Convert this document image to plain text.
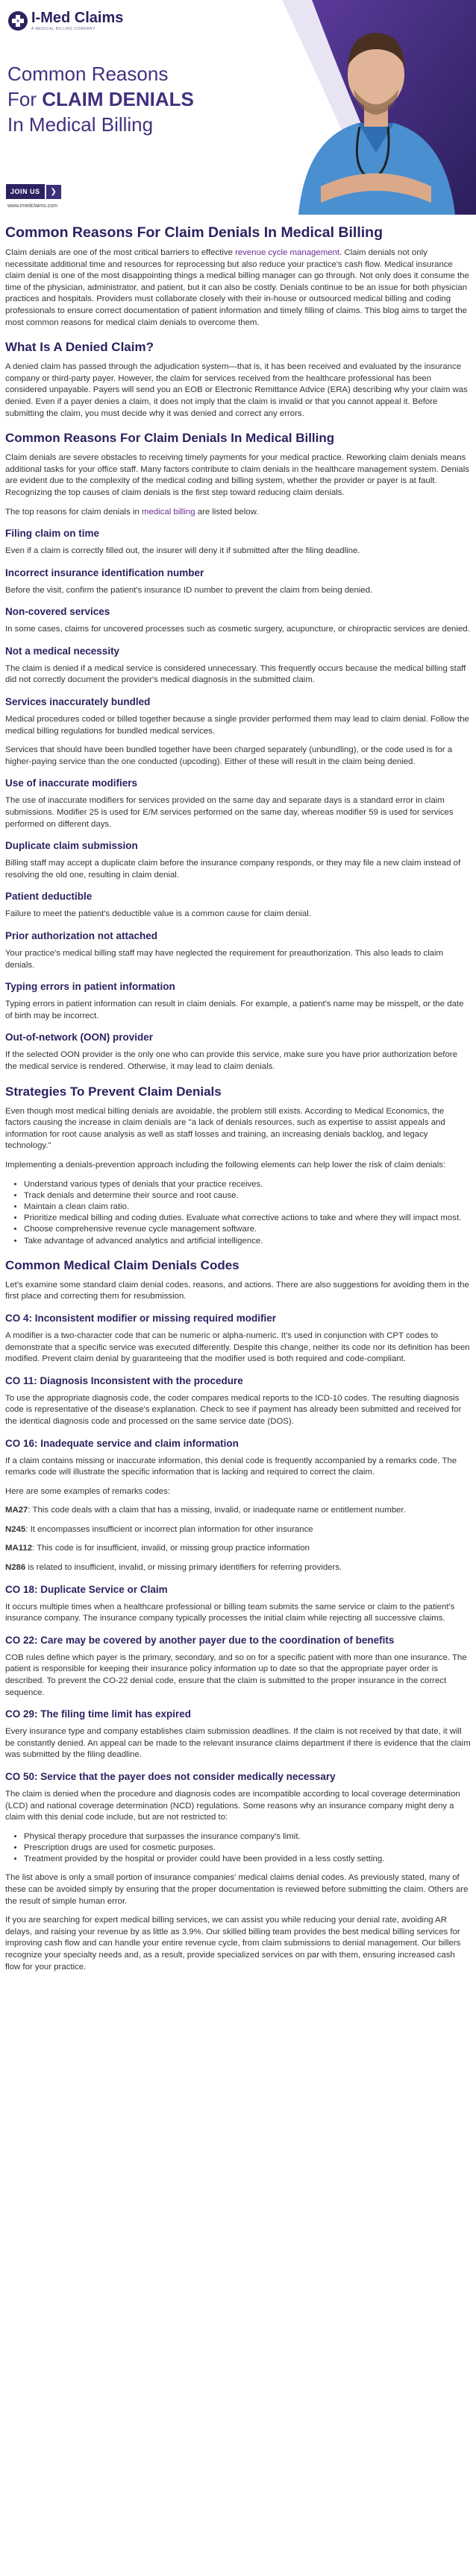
I-Med Claims
A MEDICAL BILLING COMPANY
Common Reasons
For CLAIM DENIALS
In Medical Billing
JOIN US	❯
www.imedclaims.com
Common Reasons For Claim Denials In Medical Billing

Claim denials are one of the most critical barriers to effective revenue cycle management. Claim denials not only necessitate additional time and resources for reprocessing but also reduce your practice's cash flow. Medical insurance claim denial is one of the most disappointing things a medical billing manager can go through. Not only does it consume the time of the physician, administrator, and patient, but it can also be costly. Denials continue to be an issue for both physician practices and hospitals. Providers must collaborate closely with their in-house or outsourced medical billing and coding professionals to ensure correct documentation of patient information and timely filling of claims. This blog aims to target the most common reasons for medical claim denials to overcome them.

What Is A Denied Claim?

A denied claim has passed through the adjudication system—that is, it has been received and evaluated by the insurance company or third-party payer. However, the claim for services received from the healthcare professional has been considered unpayable. Payers will send you an EOB or Electronic Remittance Advice (ERA) describing why your claim was denied. Even if a payer denies a claim, it does not imply that the claim is invalid or that you cannot appeal it. Before submitting the claim, you must decide why it was denied and correct any errors.

Common Reasons For Claim Denials In Medical Billing

Claim denials are severe obstacles to receiving timely payments for your medical practice. Reworking claim denials means additional tasks for your office staff. Many factors contribute to claim denials in the healthcare management system. Denials are evident due to the complexity of the medical coding and billing system, whether the provider or payer is at fault. Recognizing the top causes of claim denials is the first step toward reducing claim denials.

The top reasons for claim denials in medical billing are listed below.

Filing claim on time

Even if a claim is correctly filled out, the insurer will deny it if submitted after the filing deadline.

Incorrect insurance identification number

Before the visit, confirm the patient's insurance ID number to prevent the claim from being denied.

Non-covered services

In some cases, claims for uncovered processes such as cosmetic surgery, acupuncture, or chiropractic services are denied.

Not a medical necessity

The claim is denied if a medical service is considered unnecessary. This frequently occurs because the medical billing staff did not correctly document the provider's medical diagnosis in the submitted claim.

Services inaccurately bundled

Medical procedures coded or billed together because a single provider performed them may lead to claim denial. Follow the medical billing regulations for bundled medical services.

Services that should have been bundled together have been charged separately (unbundling), or the code used is for a higher-paying service than the one conducted (upcoding). Either of these will result in the claim being denied.

Use of inaccurate modifiers

The use of inaccurate modifiers for services provided on the same day and separate days is a standard error in claim submissions. Modifier 25 is used for E/M services performed on the same day, whereas modifier 59 is used for services performed on different days.

Duplicate claim submission

Billing staff may accept a duplicate claim before the insurance company responds, or they may file a new claim instead of resolving the old one, resulting in claim denial.

Patient deductible

Failure to meet the patient's deductible value is a common cause for claim denial.

Prior authorization not attached

Your practice's medical billing staff may have neglected the requirement for preauthorization. This also leads to claim denials.

Typing errors in patient information

Typing errors in patient information can result in claim denials. For example, a patient's name may be misspelt, or the date of birth may be incorrect.

Out-of-network (OON) provider

If the selected OON provider is the only one who can provide this service, make sure you have prior authorization before the medical service is rendered. Otherwise, it may lead to claim denials.

Strategies To Prevent Claim Denials

Even though most medical billing denials are avoidable, the problem still exists. According to Medical Economics, the factors causing the increase in claim denials are "a lack of denials resources, such as expertise to assist appeals and information for root cause analysis as well as staff losses and training, an increasing denials backlog, and legacy technology."

Implementing a denials-prevention approach including the following elements can help lower the risk of claim denials:

• Understand various types of denials that your practice receives.
• Track denials and determine their source and root cause.
• Maintain a clean claim ratio.
• Prioritize medical billing and coding duties. Evaluate what corrective actions to take and where they will impact most.
• Choose comprehensive revenue cycle management software.
• Take advantage of advanced analytics and artificial intelligence.
Common Medical Claim Denials Codes

Let's examine some standard claim denial codes, reasons, and actions. There are also suggestions for avoiding them in the first place and correcting them for resubmission.

CO 4: Inconsistent modifier or missing required modifier

A modifier is a two-character code that can be numeric or alpha-numeric. It's used in conjunction with CPT codes to demonstrate that a specific service was executed differently. Despite this change, neither its code nor its definition has been modified. Prevent claim denial by guaranteeing that the modifier used is both required and code-compliant.

CO 11: Diagnosis Inconsistent with the procedure

To use the appropriate diagnosis code, the coder compares medical reports to the ICD-10 codes. The resulting diagnosis code is representative of the disease's explanation. Check to see if payment has already been submitted and received for the identical diagnosis code and processed on the same service date (DOS).

CO 16: Inadequate service and claim information

If a claim contains missing or inaccurate information, this denial code is frequently accompanied by a remarks code. The remarks code will illustrate the specific information that is lacking and required to correct the claim.

Here are some examples of remarks codes:

MA27: This code deals with a claim that has a missing, invalid, or inadequate name or entitlement number.

N245: It encompasses insufficient or incorrect plan information for other insurance

MA112: This code is for insufficient, invalid, or missing group practice information

N286 is related to insufficient, invalid, or missing primary identifiers for referring providers.

CO 18: Duplicate Service or Claim

It occurs multiple times when a healthcare professional or billing team submits the same service or claim to the patient's insurance company. The insurance company typically processes the initial claim while rejecting all successive claims.

CO 22: Care may be covered by another payer due to the coordination of benefits

COB rules define which payer is the primary, secondary, and so on for a specific patient with more than one insurance. The patient is responsible for keeping their insurance policy information up to date so that the appropriate payer order is described. To prevent the CO-22 denial code, ensure that the claim is submitted to the proper insurance in the correct sequence.

CO 29: The filing time limit has expired

Every insurance type and company establishes claim submission deadlines. If the claim is not received by that date, it will be constantly denied. An appeal can be made to the relevant insurance claims department if there is evidence that the claim was submitted by the filing deadline.

CO 50: Service that the payer does not consider medically necessary

The claim is denied when the procedure and diagnosis codes are incompatible according to local coverage determination (LCD) and national coverage determination (NCD) regulations. Some reasons why an insurance company might deny a claim with this denial code include, but are not restricted to:

• Physical therapy procedure that surpasses the insurance company's limit.
• Prescription drugs are used for cosmetic purposes.
• Treatment provided by the hospital or provider could have been provided in a less costly setting.

The list above is only a small portion of insurance companies' medical claims denial codes. As previously stated, many of these can be avoided simply by ensuring that the proper documentation is reviewed before submitting the claim. Others are the result of simple human error.

If you are searching for expert medical billing services, we can assist you while reducing your denial rate, avoiding AR delays, and raising your revenue by as little as 3.9%. Our skilled billing team provides the best medical billing services for improving cash flow and can handle your entire revenue cycle, from claim submissions to denial management. Our billers recognize your specialty needs and, as a result, provide specialized services on par with them, ensuring increased cash flow for your practice.
